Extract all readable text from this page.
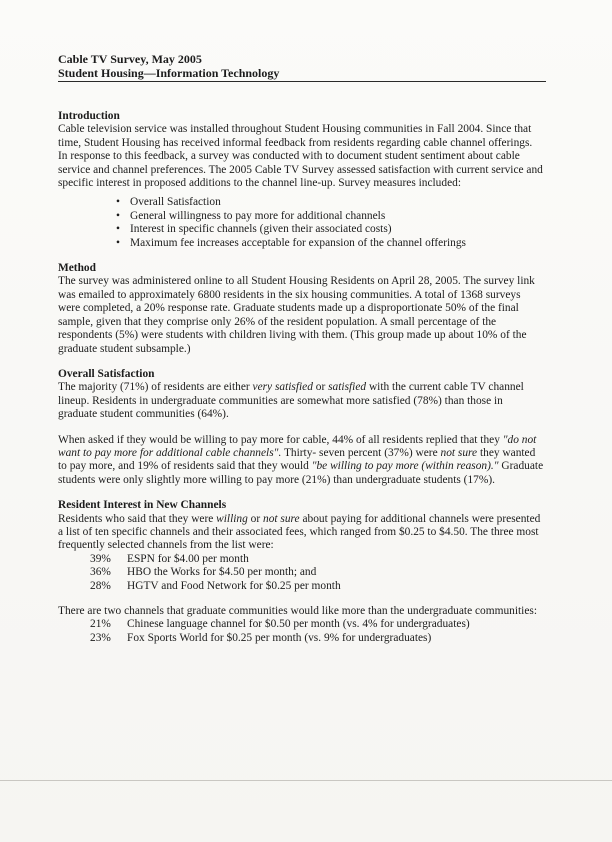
Cable TV Survey, May 2005
Student Housing—Information Technology
Introduction

Cable television service was installed throughout Student Housing communities in Fall 2004. Since that time, Student Housing has received informal feedback from residents regarding cable channel offerings. In response to this feedback, a survey was conducted with to document student sentiment about cable service and channel preferences. The 2005 Cable TV Survey assessed satisfaction with current service and specific interest in proposed additions to the channel line-up. Survey measures included:

• Overall Satisfaction
• General willingness to pay more for additional channels
• Interest in specific channels (given their associated costs)
• Maximum fee increases acceptable for expansion of the channel offerings
Method

The survey was administered online to all Student Housing Residents on April 28, 2005. The survey link was emailed to approximately 6800 residents in the six housing communities. A total of 1368 surveys were completed, a 20% response rate. Graduate students made up a disproportionate 50% of the final sample, given that they comprise only 26% of the resident population. A small percentage of the respondents (5%) were students with children living with them. (This group made up about 10% of the graduate student subsample.)

Overall Satisfaction

The majority (71%) of residents are either very satisfied or satisfied with the current cable TV channel lineup. Residents in undergraduate communities are somewhat more satisfied (78%) than those in graduate student communities (64%).

When asked if they would be willing to pay more for cable, 44% of all residents replied that they "do not want to pay more for additional cable channels". Thirty- seven percent (37%) were not sure they wanted to pay more, and 19% of residents said that they would "be willing to pay more (within reason)." Graduate students were only slightly more willing to pay more (21%) than undergraduate students (17%).

Resident Interest in New Channels

Residents who said that they were willing or not sure about paying for additional channels were presented a list of ten specific channels and their associated fees, which ranged from $0.25 to $4.50. The three most frequently selected channels from the list were:

39%	ESPN for $4.00 per month
36%	HBO the Works for $4.50 per month; and
28%	HGTV and Food Network for $0.25 per month

There are two channels that graduate communities would like more than the undergraduate communities:

21%	Chinese language channel for $0.50 per month (vs. 4% for undergraduates)
23%	Fox Sports World for $0.25 per month (vs. 9% for undergraduates)
